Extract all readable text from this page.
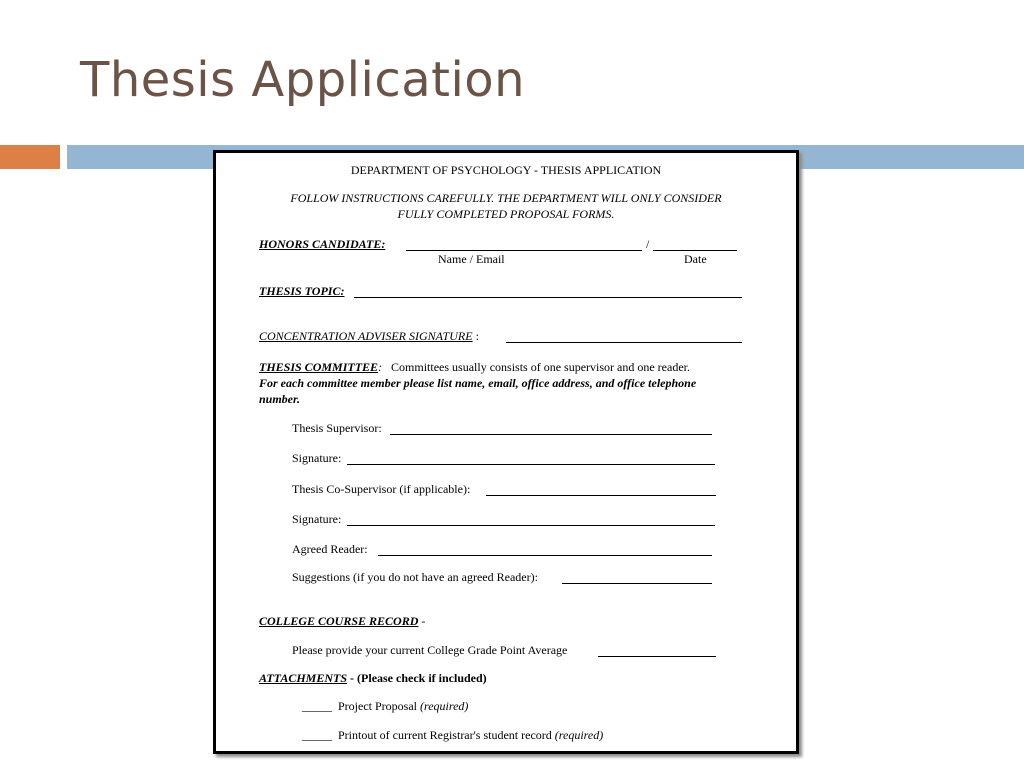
Thesis Application
DEPARTMENT OF PSYCHOLOGY - THESIS APPLICATION
FOLLOW INSTRUCTIONS CAREFULLY. THE DEPARTMENT WILL ONLY CONSIDER
FULLY COMPLETED PROPOSAL FORMS.
HONORS CANDIDATE:	/
Name / Email	Date
THESIS TOPIC:
CONCENTRATION ADVISER SIGNATURE :
THESIS COMMITTEE: Committees usually consists of one supervisor and one reader.
For each committee member please list name, email, office address, and office telephone
number.
Thesis Supervisor:
Signature:
Thesis Co-Supervisor (if applicable):
Signature:
Agreed Reader:
Suggestions (if you do not have an agreed Reader):
COLLEGE COURSE RECORD -
Please provide your current College Grade Point Average
ATTACHMENTS - (Please check if included)
_____ Project Proposal (required)
_____ Printout of current Registrar's student record (required)
